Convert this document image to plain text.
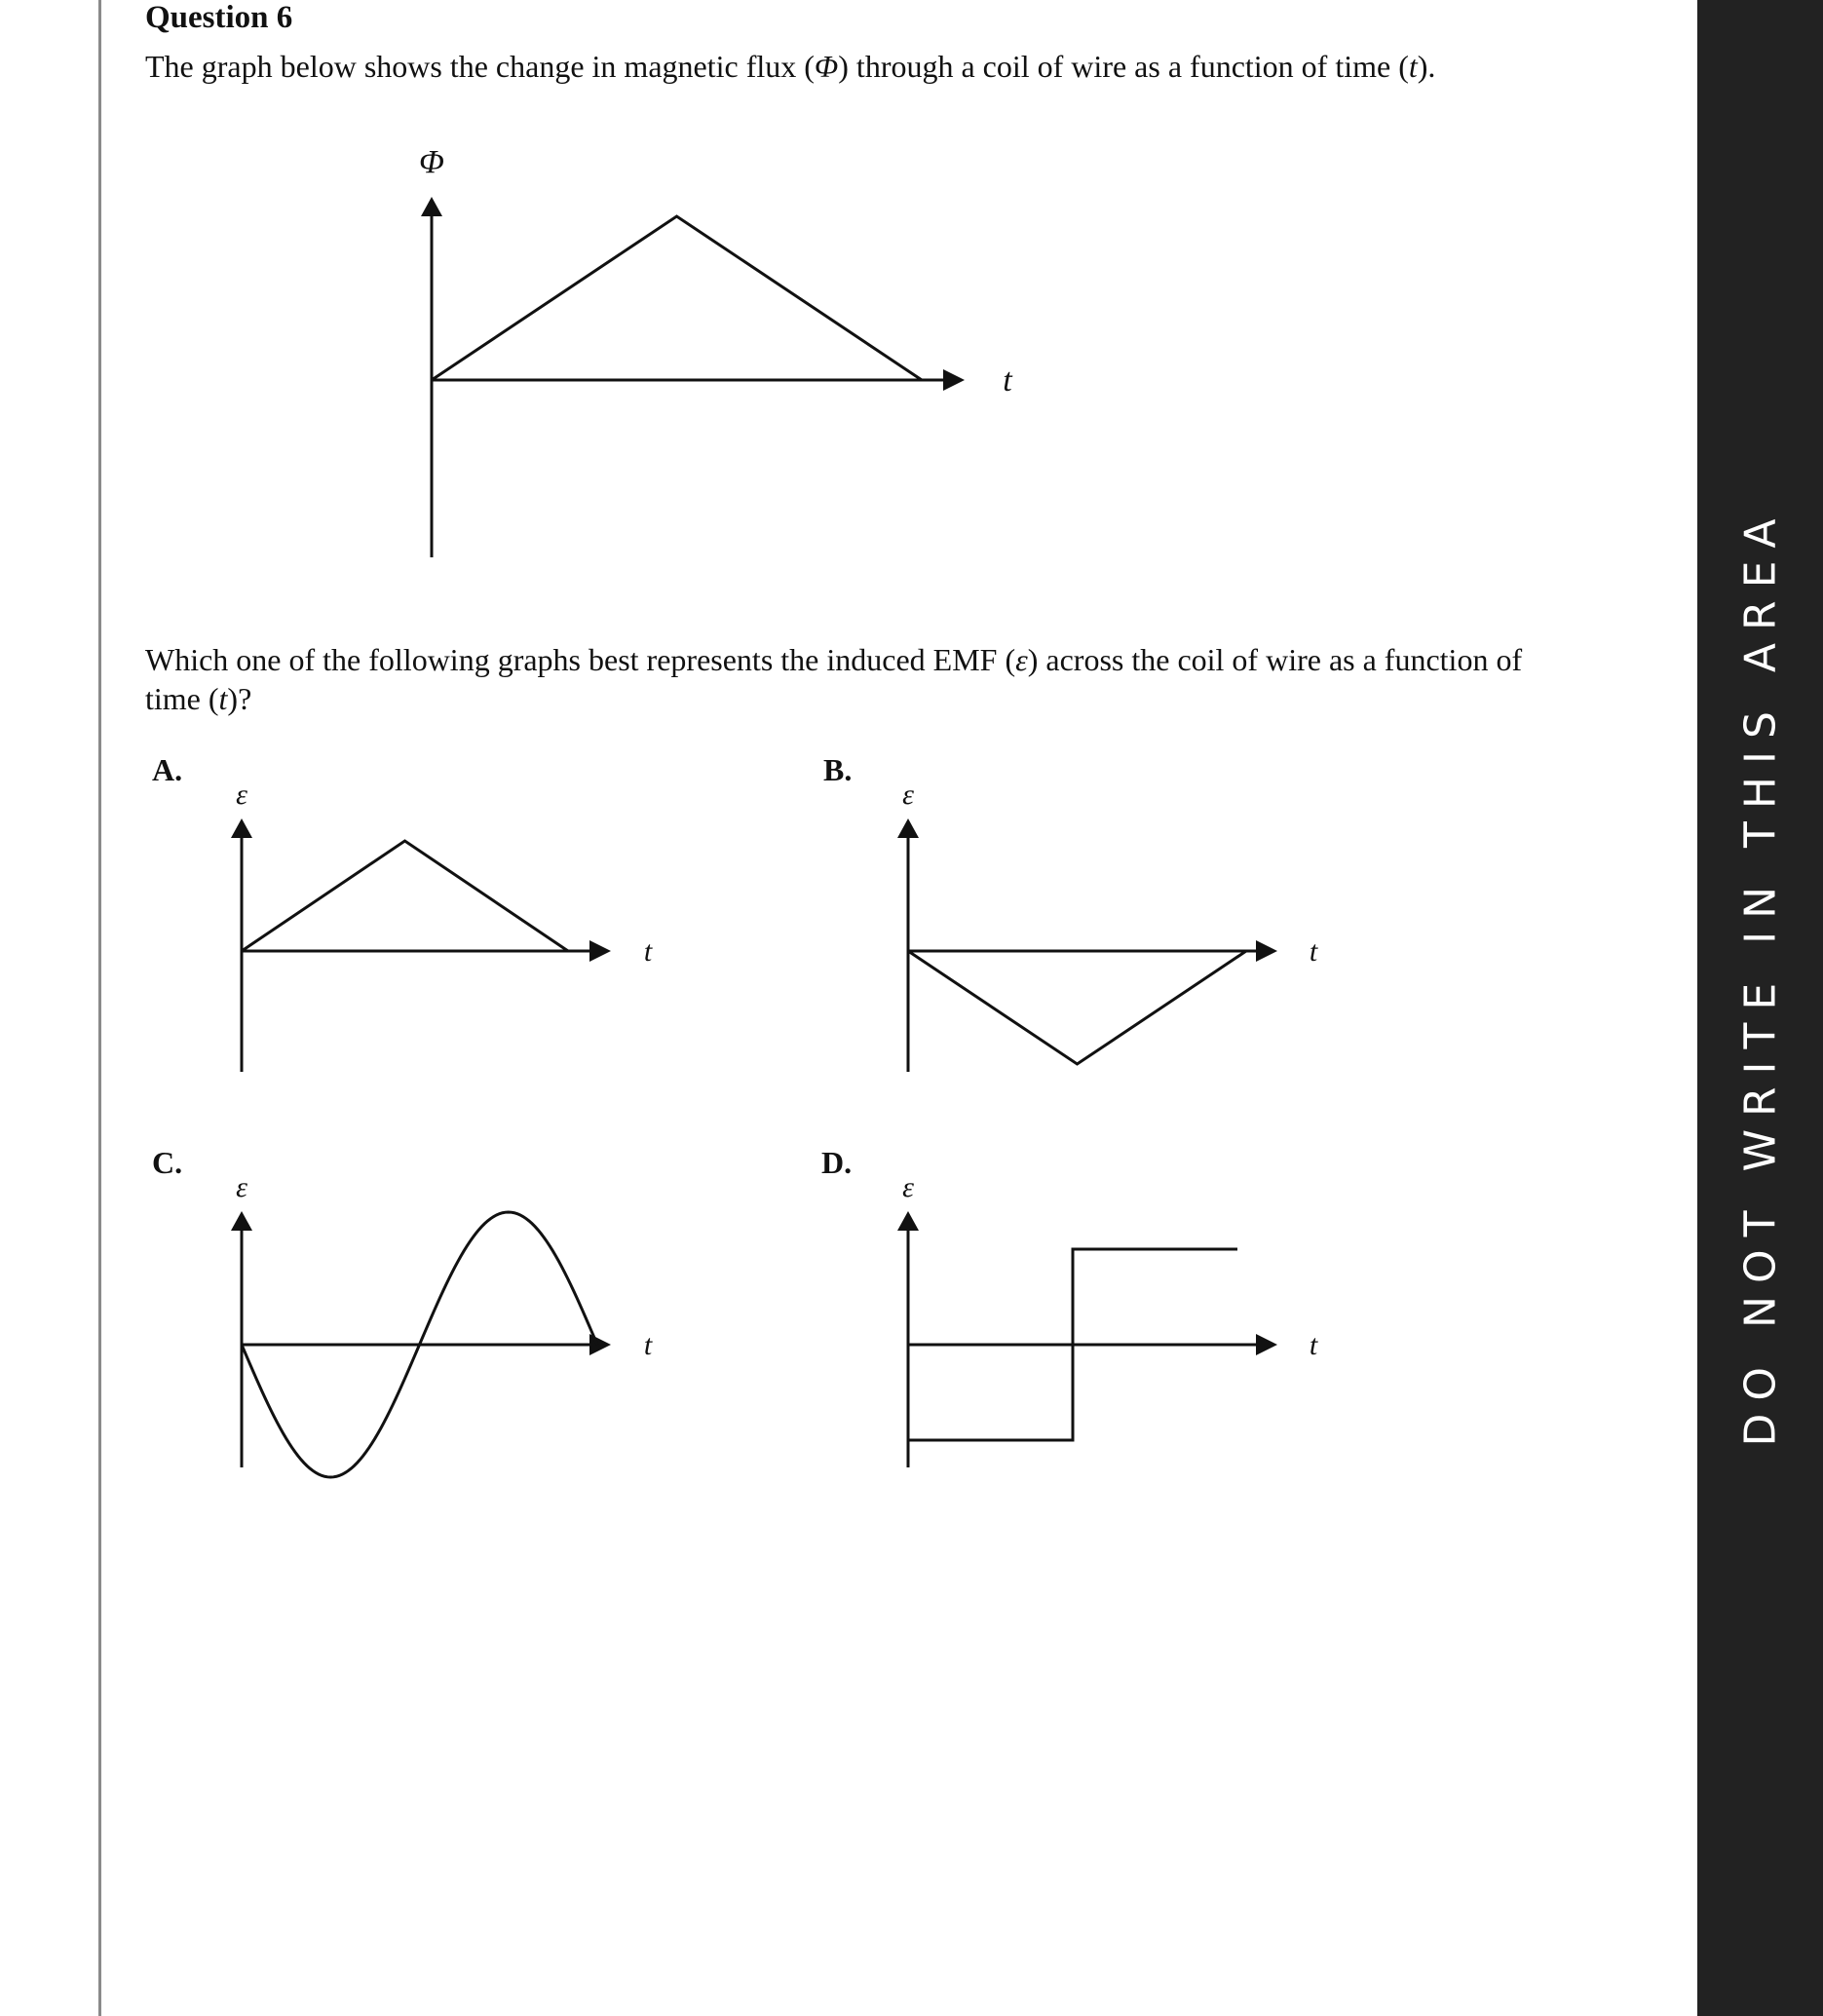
Question 6
The graph below shows the change in magnetic flux (Φ) through a coil of wire as a function of time (t).
Φ
t
Which one of the following graphs best represents the induced EMF (ε) across the coil of wire as a function of time (t)?
A.	B.
C.	D.
ε
t
ε
t
ε
t
ε
t	DO NOT WRITE IN THIS AREA
